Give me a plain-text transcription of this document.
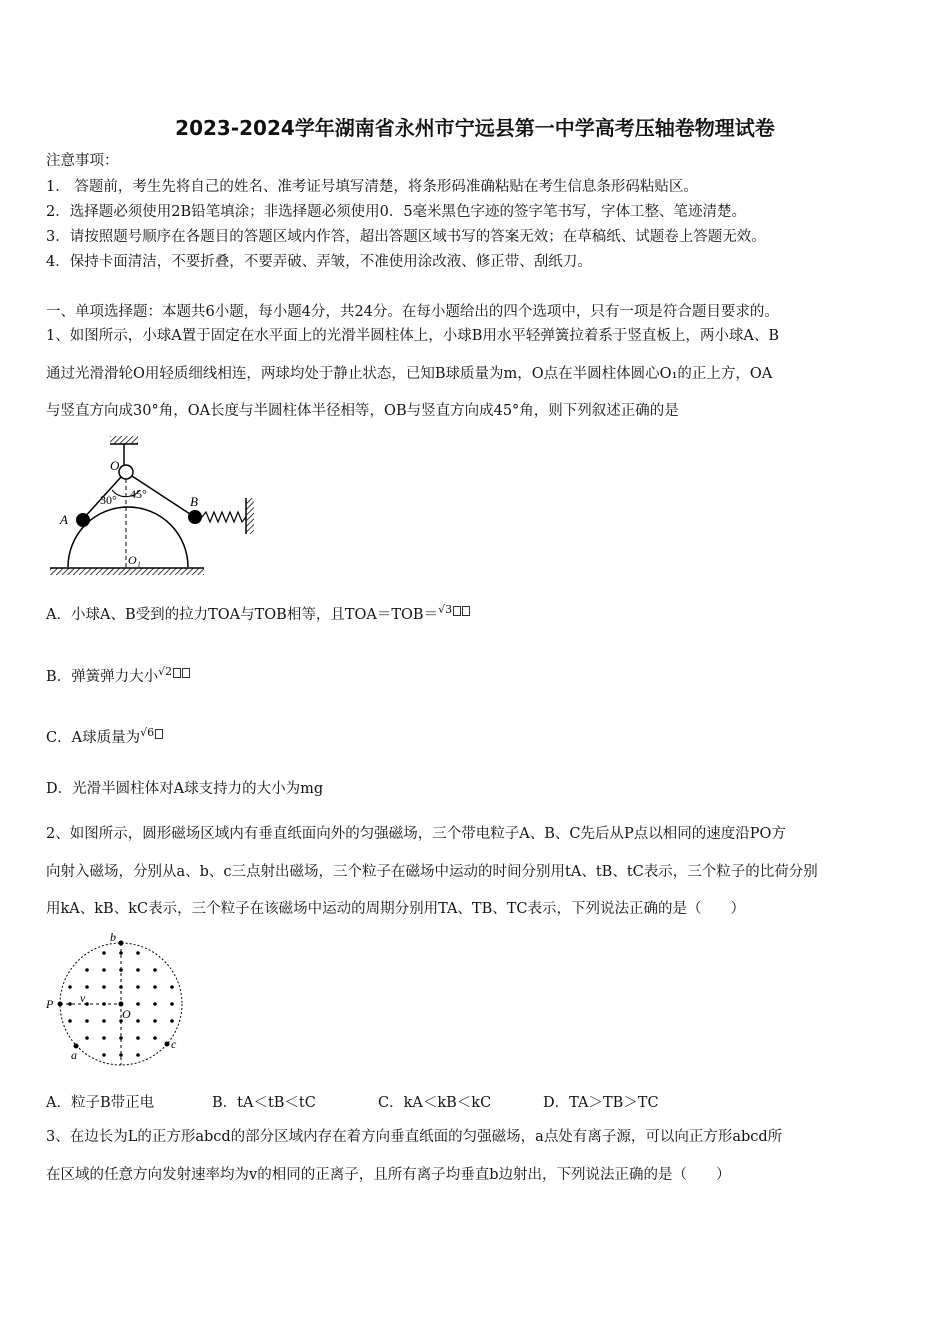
2023-2024学年湖南省永州市宁远县第一中学高考压轴卷物理试卷
注意事项：
1． 答题前，考生先将自己的姓名、准考证号填写清楚，将条形码准确粘贴在考生信息条形码粘贴区。
2．选择题必须使用2B铅笔填涂；非选择题必须使用0．5毫米黑色字迹的签字笔书写，字体工整、笔迹清楚。
3．请按照题号顺序在各题目的答题区域内作答，超出答题区域书写的答案无效；在草稿纸、试题卷上答题无效。
4．保持卡面清洁，不要折叠，不要弄破、弄皱，不准使用涂改液、修正带、刮纸刀。
一、单项选择题：本题共6小题，每小题4分，共24分。在每小题给出的四个选项中，只有一项是符合题目要求的。
1、如图所示，小球A置于固定在水平面上的光滑半圆柱体上，小球B用水平轻弹簧拉着系于竖直板上，两小球A、B
通过光滑滑轮O用轻质细线相连，两球均处于静止状态，已知B球质量为m，O点在半圆柱体圆心O₁的正上方，OA
与竖直方向成30°角，OA长度与半圆柱体半径相等，OB与竖直方向成45°角，则下列叙述正确的是
O
A
B
O₁
30° 45°
A．小球A、B受到的拉力TOA与TOB相等，且TOA＝TOB＝$^{√3}$
B．弹簧弹力大小$^{√2}$
C．A球质量为$^{√6}$
D．光滑半圆柱体对A球支持力的大小为mg
2、如图所示，圆形磁场区域内有垂直纸面向外的匀强磁场，三个带电粒子A、B、C先后从P点以相同的速度沿PO方
向射入磁场，分别从a、b、c三点射出磁场，三个粒子在磁场中运动的时间分别用tA、tB、tC表示，三个粒子的比荷分别
用kA、kB、kC表示，三个粒子在该磁场中运动的周期分别用TA、TB、TC表示，下列说法正确的是（　　）
P
O
a
b
c
v
A．粒子B带正电	B．tA＜tB＜tC	C．kA＜kB＜kC	D．TA＞TB＞TC
3、在边长为L的正方形abcd的部分区域内存在着方向垂直纸面的匀强磁场，a点处有离子源，可以向正方形abcd所
在区域的任意方向发射速率均为v的相同的正离子，且所有离子均垂直b边射出，下列说法正确的是（　　）
